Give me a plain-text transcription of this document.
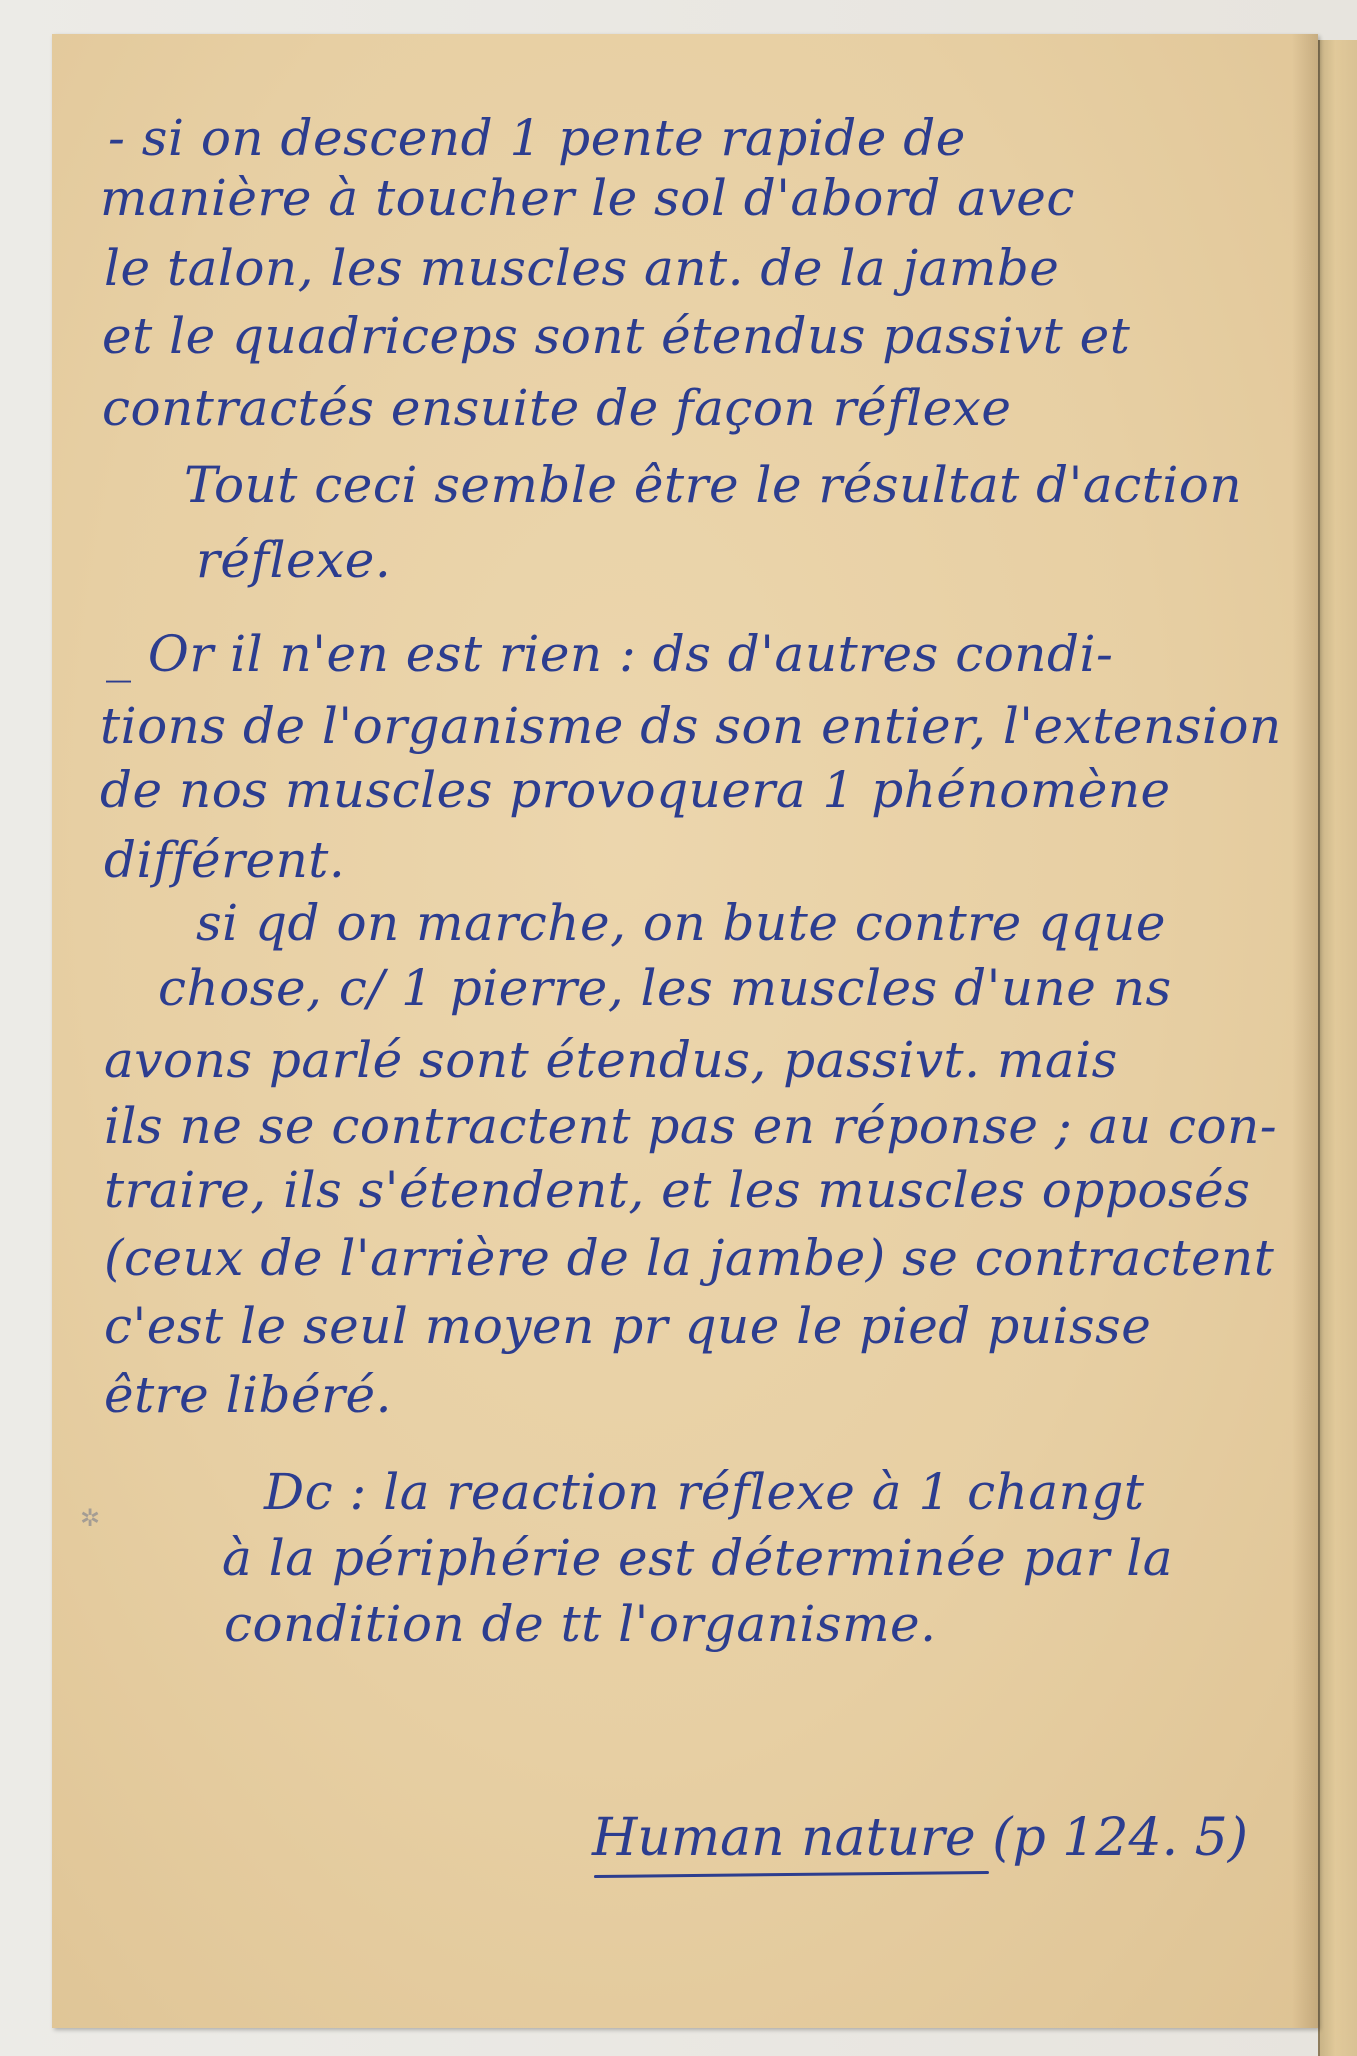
- si on descend 1 pente rapide de
manière à toucher le sol d'abord avec
le talon, les muscles ant. de la jambe
et le quadriceps sont étendus passivt et
contractés ensuite de façon réflexe
Tout ceci semble être le résultat d'action
réflexe.
_ Or il n'en est rien : ds d'autres condi-
tions de l'organisme ds son entier, l'extension
de nos muscles provoquera 1 phénomène
différent.
si qd on marche, on bute contre qque
chose, c/ 1 pierre, les muscles d'une ns
avons parlé sont étendus, passivt. mais
ils ne se contractent pas en réponse ; au con-
traire, ils s'étendent, et les muscles opposés
(ceux de l'arrière de la jambe) se contractent
c'est le seul moyen pr que le pied puisse
être libéré.
Dc : la reaction réflexe à 1 changt
à la périphérie est déterminée par la
condition de tt l'organisme.
✲
Human nature (p 124. 5)
